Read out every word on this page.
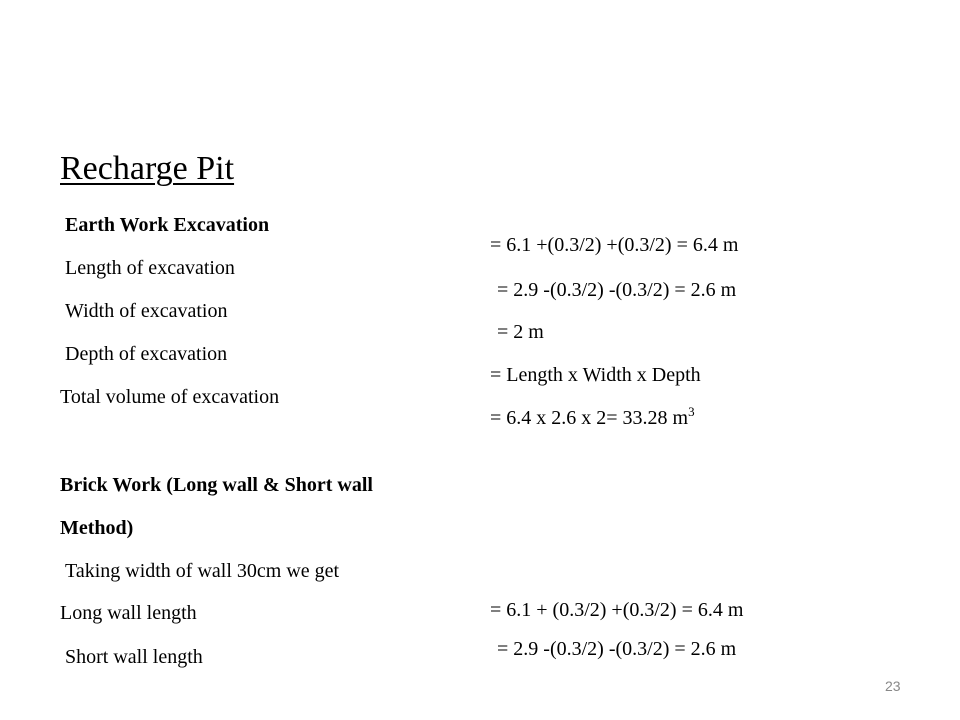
Recharge Pit
Earth Work Excavation
Length of excavation
Width of excavation
Depth of excavation
Total volume of excavation
= 6.1 +(0.3/2) +(0.3/2) = 6.4 m
= 2.9 -(0.3/2) -(0.3/2) = 2.6 m
= 2 m
= Length x Width x Depth
= 6.4 x 2.6 x 2= 33.28 $m^3$
Brick Work (Long wall & Short wall
Method)
Taking width of wall 30cm we get
Long wall length
Short wall length
= 6.1 + (0.3/2) +(0.3/2) = 6.4 m
= 2.9 -(0.3/2) -(0.3/2) = 2.6 m
23
